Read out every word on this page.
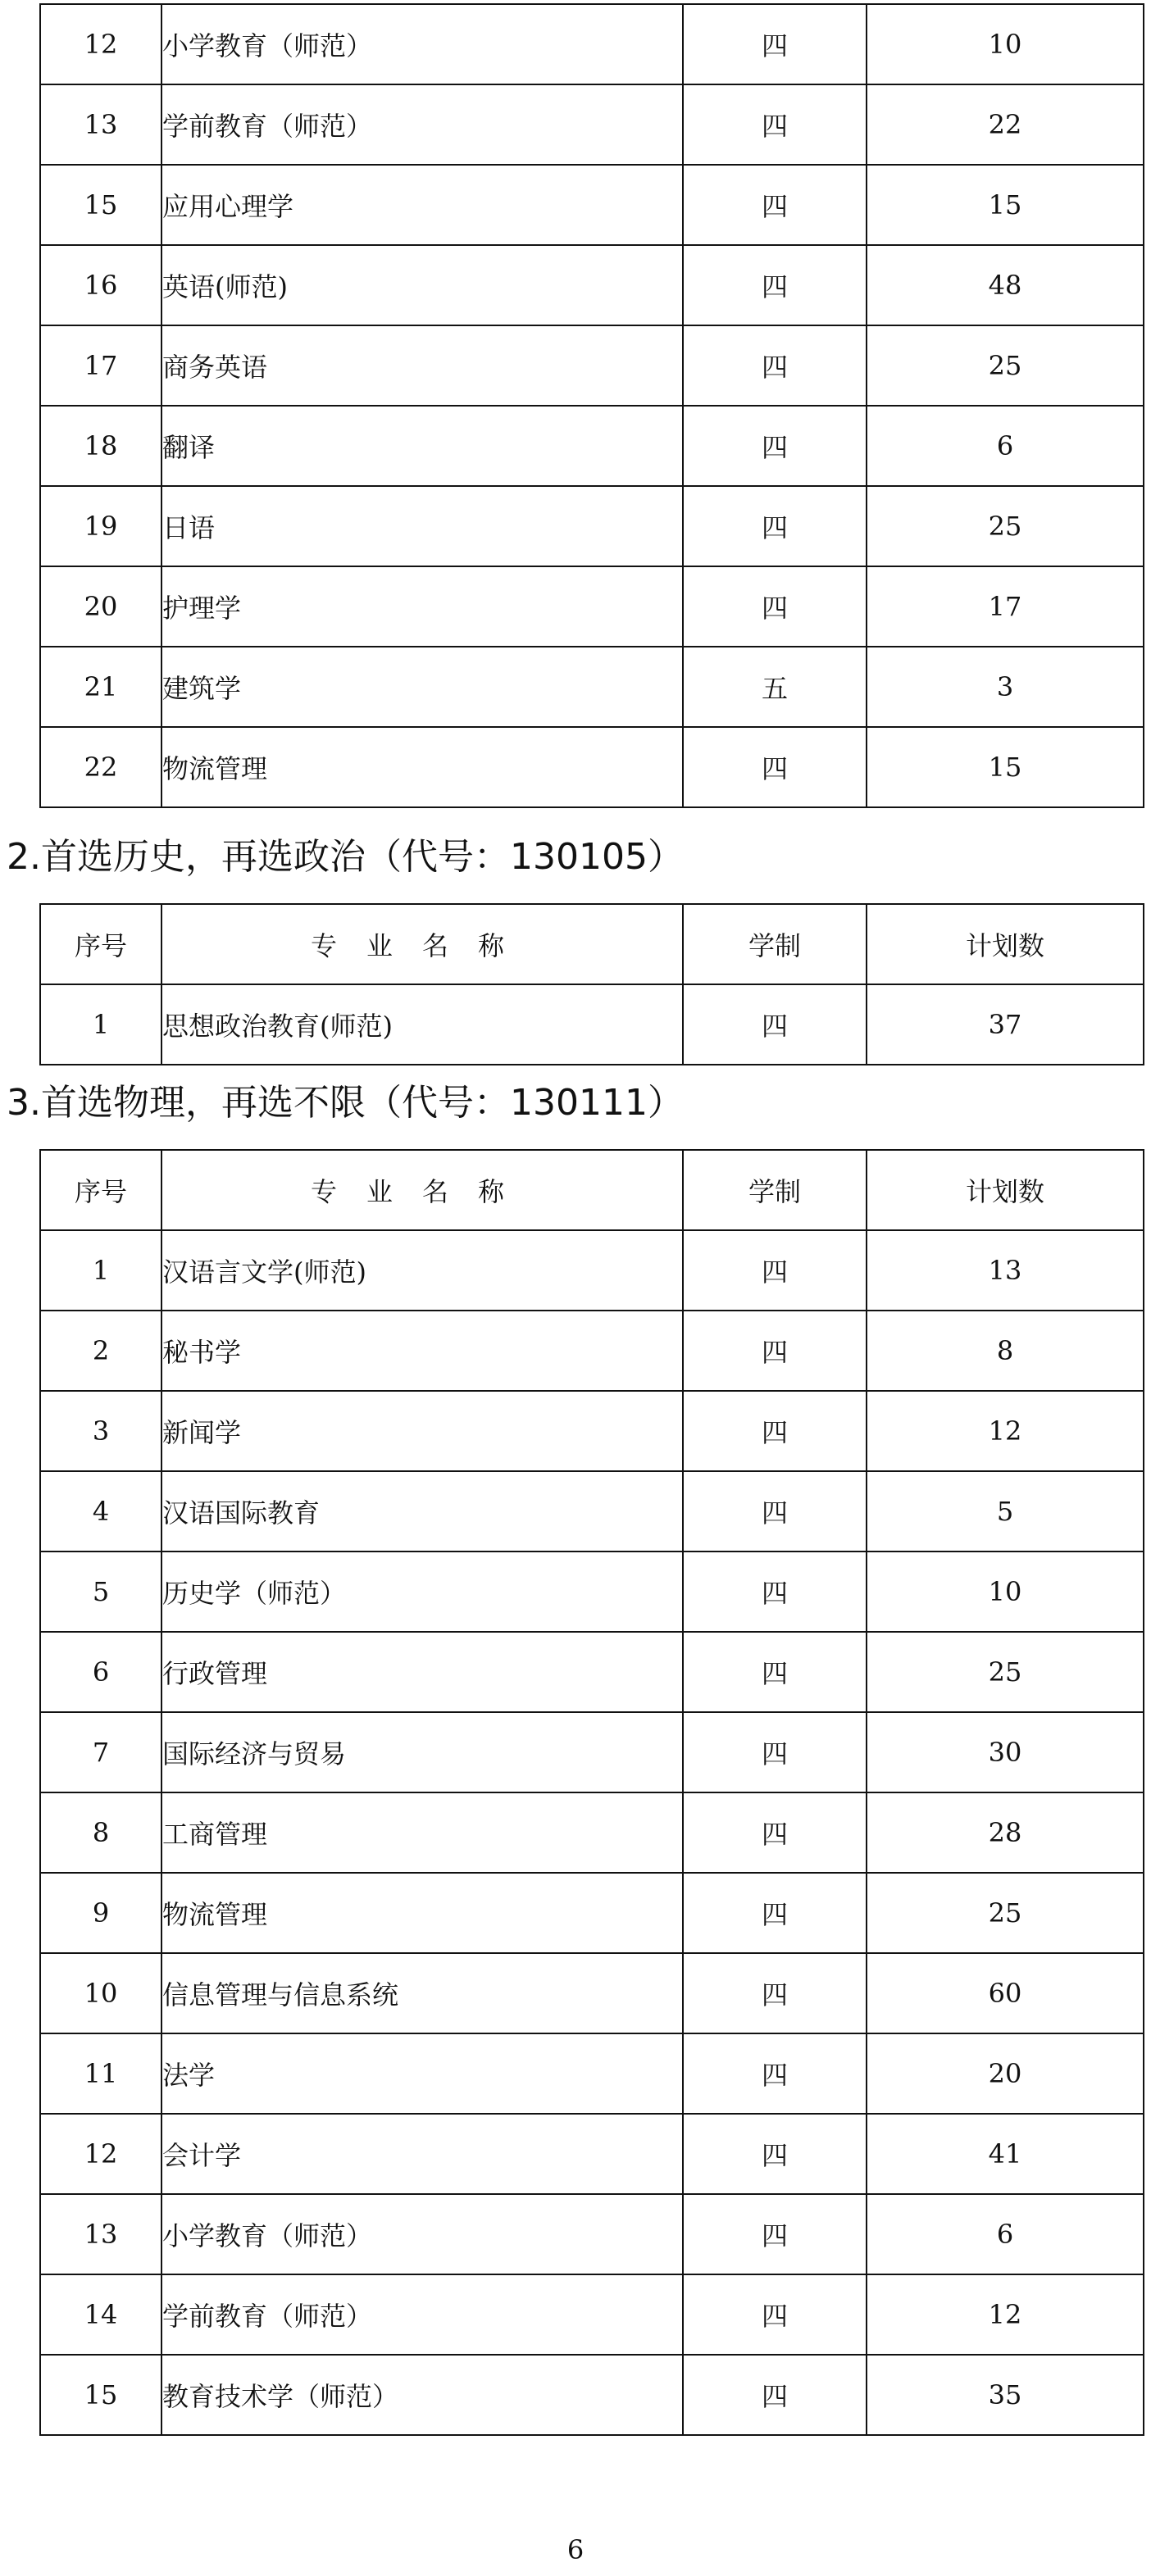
12	小学教育（师范）	四	10
13	学前教育（师范）	四	22
15	应用心理学	四	15
16	英语(师范)	四	48
17	商务英语	四	25
18	翻译	四	6
19	日语	四	25
20	护理学	四	17
21	建筑学	五	3
22	物流管理	四	15
2.首选历史，再选政治（代号：130105）
序号	专业名称	学制	计划数
1	思想政治教育(师范)	四	37
3.首选物理，再选不限（代号：130111）
序号	专业名称	学制	计划数
1	汉语言文学(师范)	四	13
2	秘书学	四	8
3	新闻学	四	12
4	汉语国际教育	四	5
5	历史学（师范）	四	10
6	行政管理	四	25
7	国际经济与贸易	四	30
8	工商管理	四	28
9	物流管理	四	25
10	信息管理与信息系统	四	60
11	法学	四	20
12	会计学	四	41
13	小学教育（师范）	四	6
14	学前教育（师范）	四	12
15	教育技术学（师范）	四	35
6
